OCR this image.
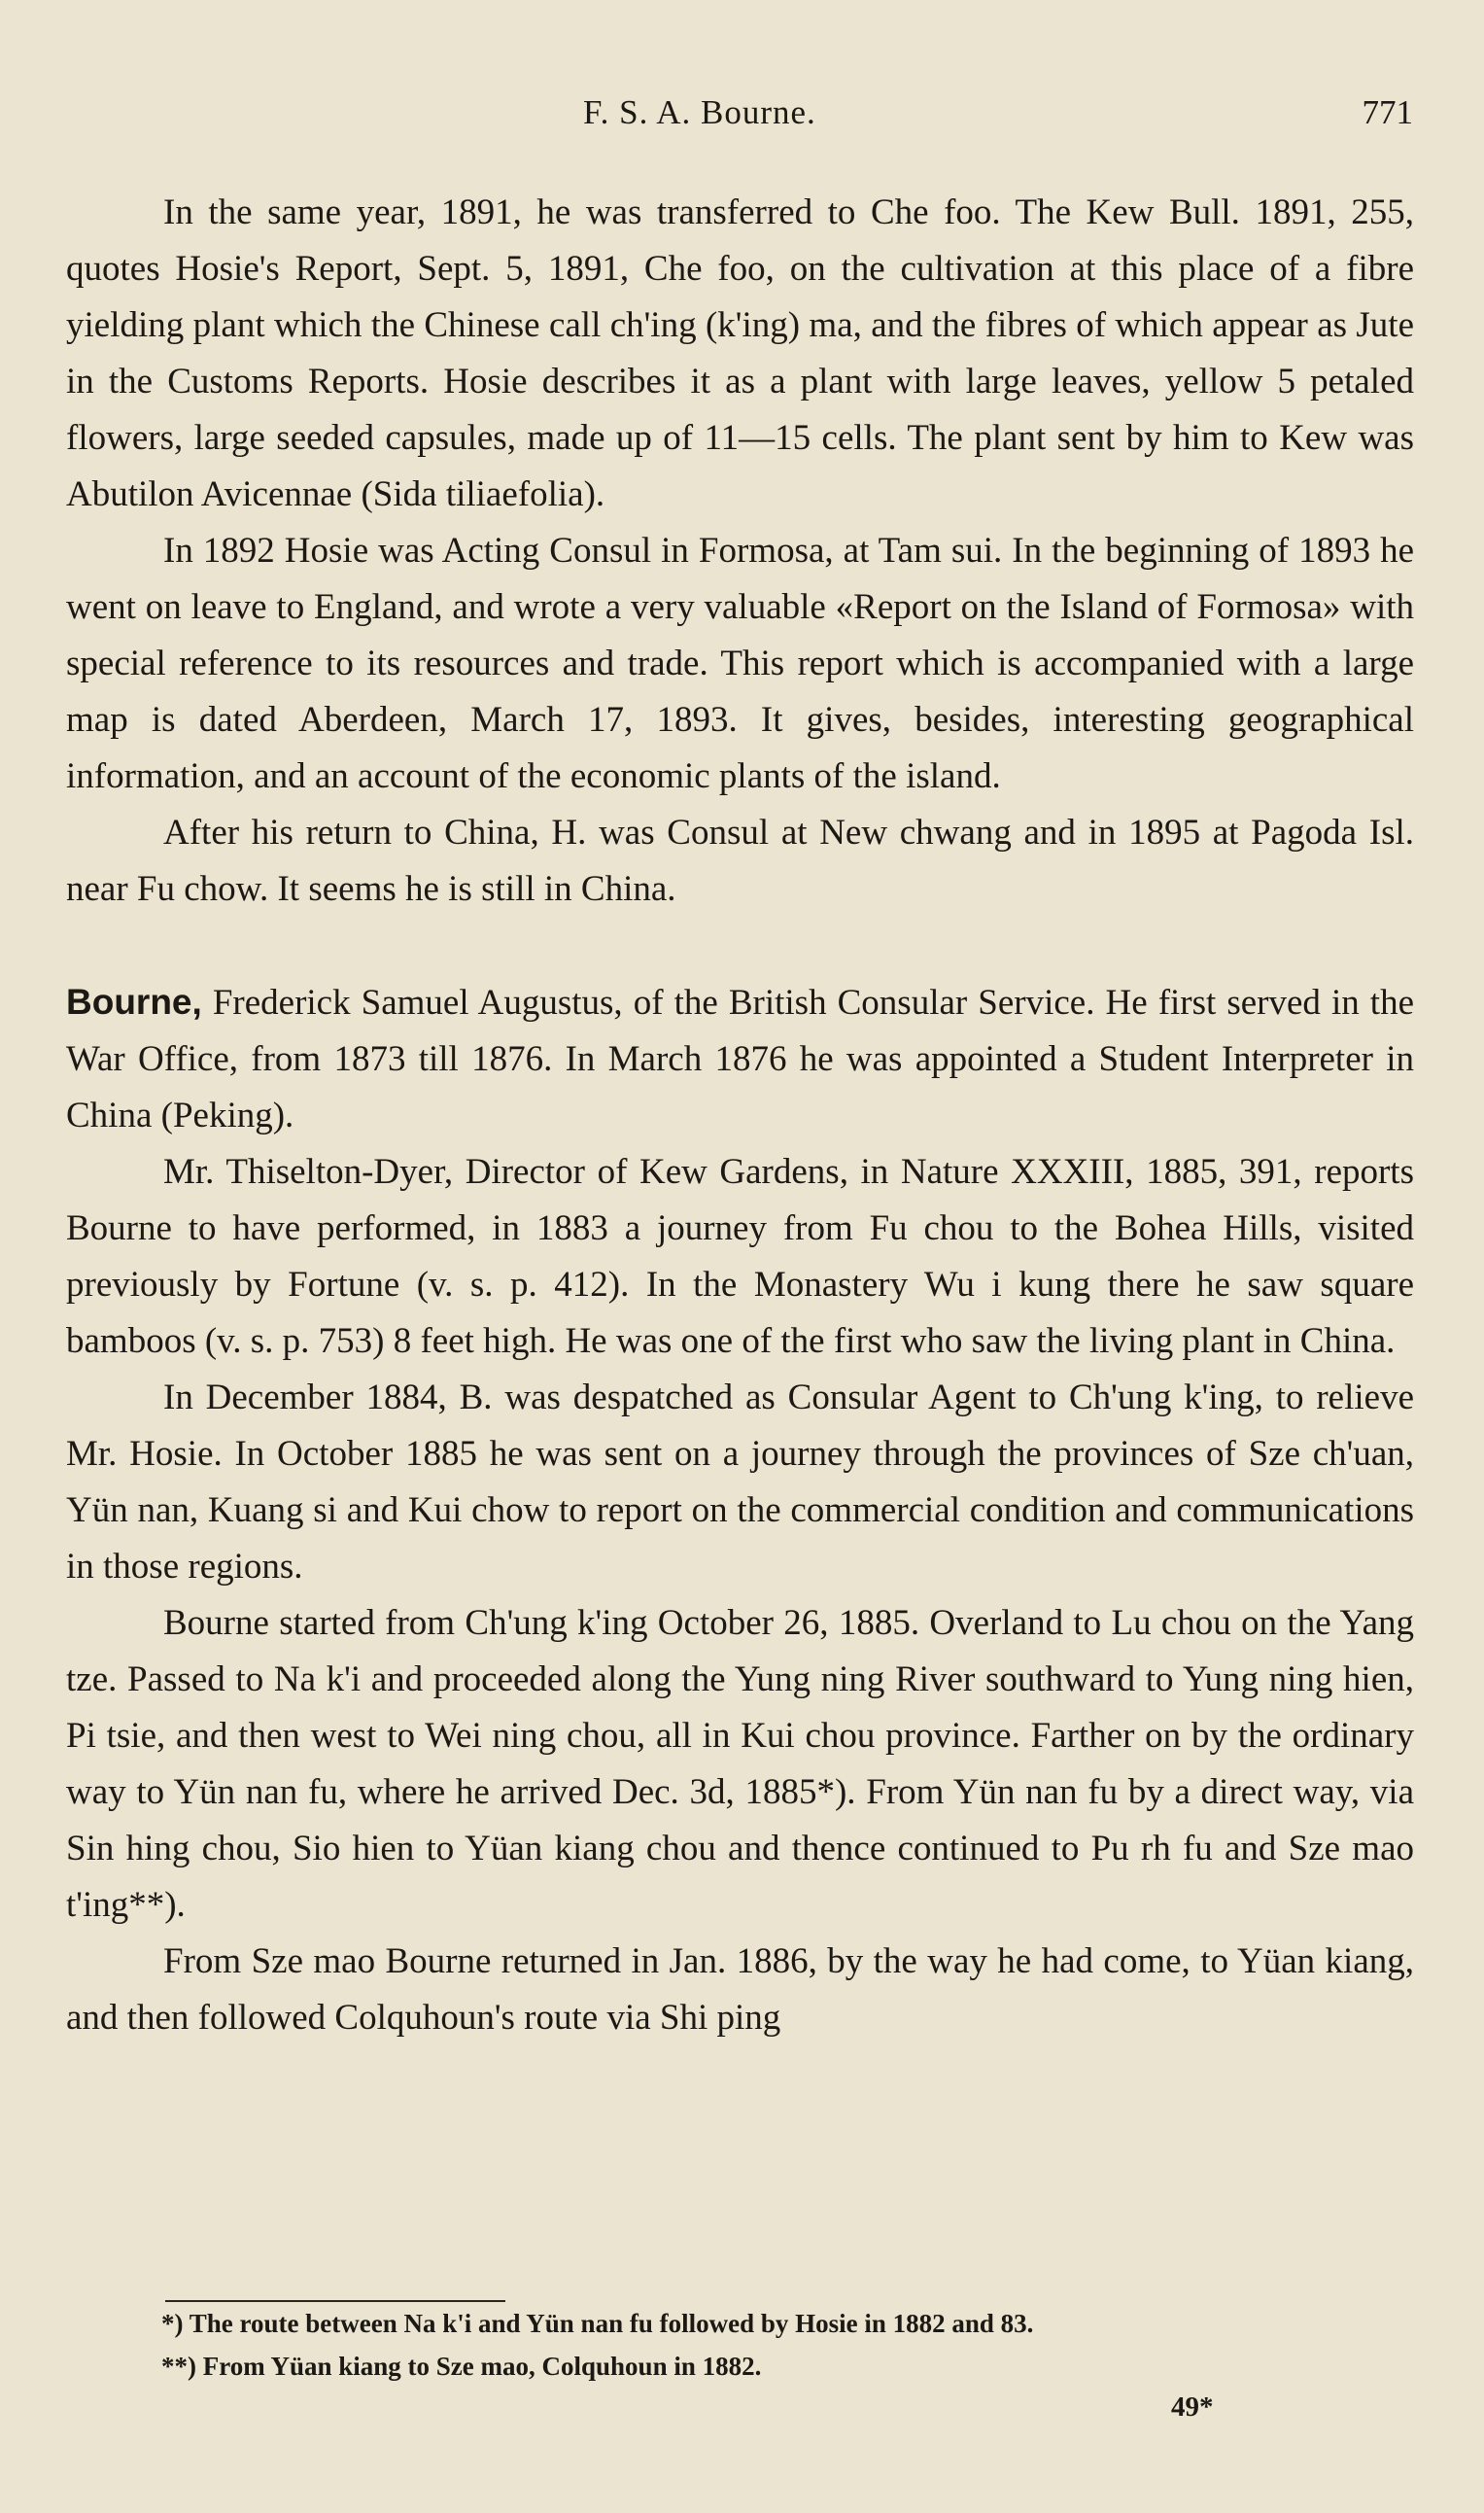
F. S. A. Bourne.	771

In the same year, 1891, he was transferred to Che foo. The Kew Bull. 1891, 255, quotes Hosie's Report, Sept. 5, 1891, Che foo, on the cultivation at this place of a fibre yielding plant which the Chinese call ch'ing (k'ing) ma, and the fibres of which appear as Jute in the Customs Reports. Hosie describes it as a plant with large leaves, yellow 5 petaled flowers, large seeded capsules, made up of 11—15 cells. The plant sent by him to Kew was Abutilon Avicennae (Sida tiliaefolia).

In 1892 Hosie was Acting Consul in Formosa, at Tam sui. In the beginning of 1893 he went on leave to England, and wrote a very valuable «Report on the Island of Formosa» with special reference to its resources and trade. This report which is accompanied with a large map is dated Aberdeen, March 17, 1893. It gives, besides, interesting geographical information, and an account of the economic plants of the island.

After his return to China, H. was Consul at New chwang and in 1895 at Pagoda Isl. near Fu chow. It seems he is still in China.

Bourne, Frederick Samuel Augustus, of the British Consular Service. He first served in the War Office, from 1873 till 1876. In March 1876 he was appointed a Student Interpreter in China (Peking).

Mr. Thiselton-Dyer, Director of Kew Gardens, in Nature XXXIII, 1885, 391, reports Bourne to have performed, in 1883 a journey from Fu chou to the Bohea Hills, visited previously by Fortune (v. s. p. 412). In the Monastery Wu i kung there he saw square bamboos (v. s. p. 753) 8 feet high. He was one of the first who saw the living plant in China.

In December 1884, B. was despatched as Consular Agent to Ch'ung k'ing, to relieve Mr. Hosie. In October 1885 he was sent on a journey through the provinces of Sze ch'uan, Yün nan, Kuang si and Kui chow to report on the commercial condition and communications in those regions.

Bourne started from Ch'ung k'ing October 26, 1885. Overland to Lu chou on the Yang tze. Passed to Na k'i and proceeded along the Yung ning River southward to Yung ning hien, Pi tsie, and then west to Wei ning chou, all in Kui chou province. Farther on by the ordinary way to Yün nan fu, where he arrived Dec. 3d, 1885*). From Yün nan fu by a direct way, via Sin hing chou, Sio hien to Yüan kiang chou and thence continued to Pu rh fu and Sze mao t'ing**).

From Sze mao Bourne returned in Jan. 1886, by the way he had come, to Yüan kiang, and then followed Colquhoun's route via Shi ping

*) The route between Na k'i and Yün nan fu followed by Hosie in 1882 and 83.

**) From Yüan kiang to Sze mao, Colquhoun in 1882.

49*
